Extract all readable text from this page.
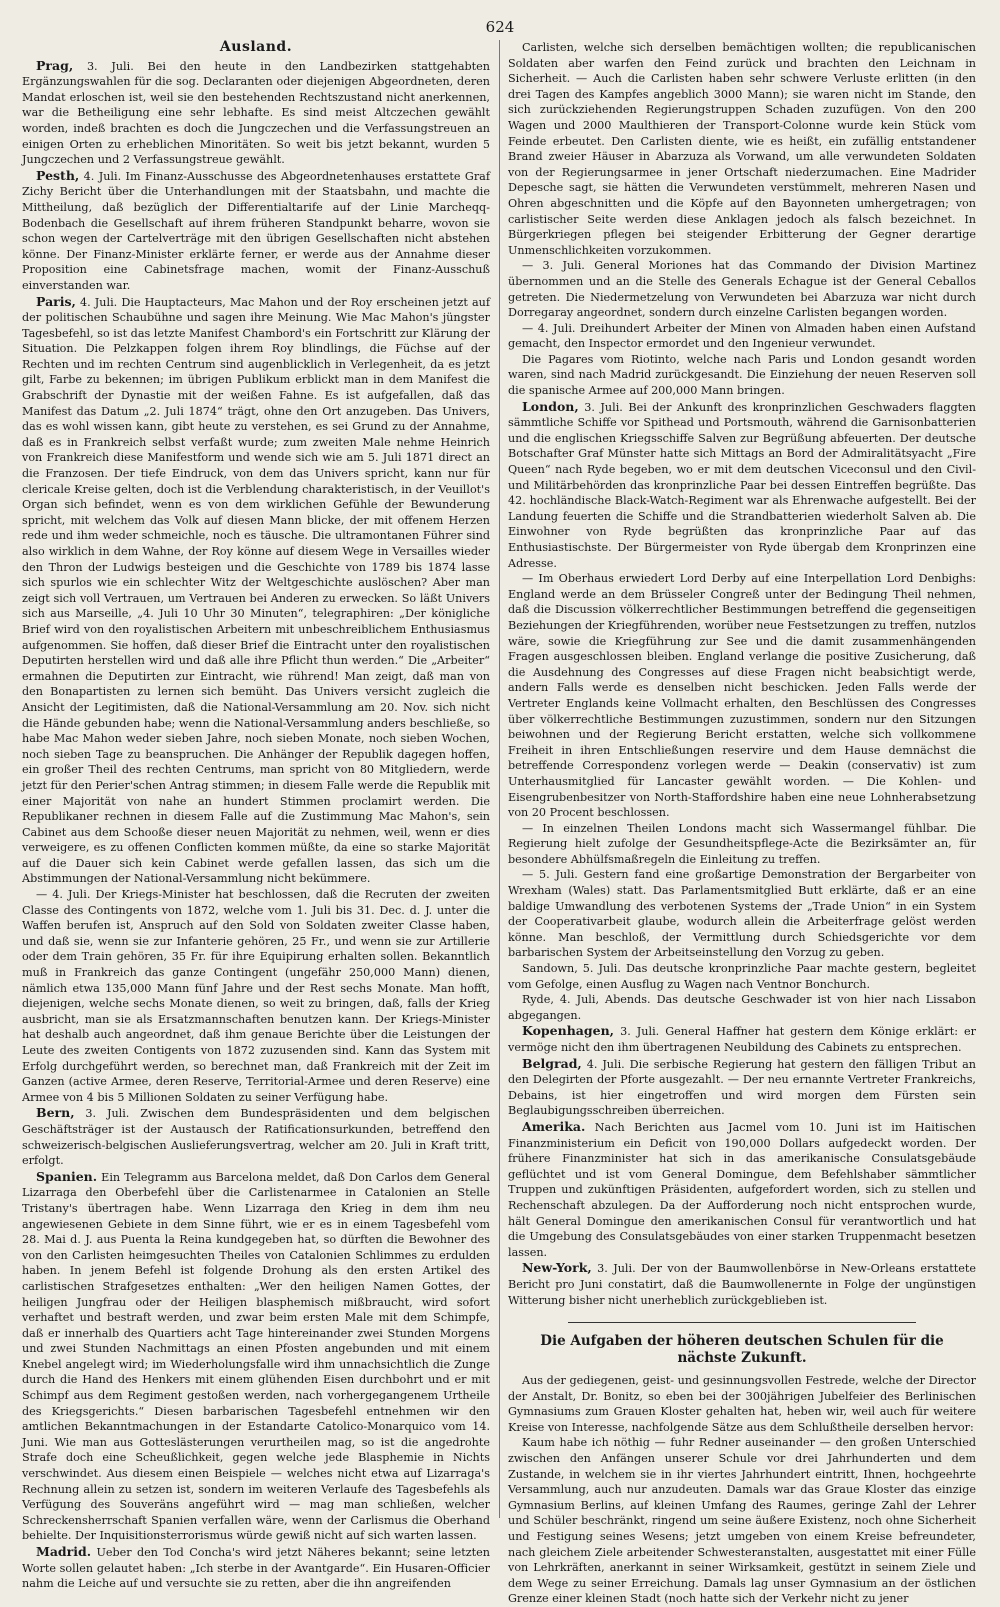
624
Ausland.

Prag, 3. Juli. Bei den heute in den Landbezirken stattgehabten Ergänzungswahlen für die sog. Declaranten oder diejenigen Abgeordneten, deren Mandat erloschen ist, weil sie den bestehenden Rechtszustand nicht anerkennen, war die Betheiligung eine sehr lebhafte. Es sind meist Altczechen gewählt worden, indeß brachten es doch die Jungczechen und die Verfassungstreuen an einigen Orten zu erheblichen Minoritäten. So weit bis jetzt bekannt, wurden 5 Jungczechen und 2 Verfassungstreue gewählt.

Pesth, 4. Juli. Im Finanz-Ausschusse des Abgeordnetenhauses erstattete Graf Zichy Bericht über die Unterhandlungen mit der Staatsbahn, und machte die Mittheilung, daß bezüglich der Differentialtarife auf der Linie Marcheqq-Bodenbach die Gesellschaft auf ihrem früheren Standpunkt beharre, wovon sie schon wegen der Cartelverträge mit den übrigen Gesellschaften nicht abstehen könne. Der Finanz-Minister erklärte ferner, er werde aus der Annahme dieser Proposition eine Cabinetsfrage machen, womit der Finanz-Ausschuß einverstanden war.

Paris, 4. Juli. Die Hauptacteurs, Mac Mahon und der Roy erscheinen jetzt auf der politischen Schaubühne und sagen ihre Meinung. Wie Mac Mahon's jüngster Tagesbefehl, so ist das letzte Manifest Chambord's ein Fortschritt zur Klärung der Situation. Die Pelzkappen folgen ihrem Roy blindlings, die Füchse auf der Rechten und im rechten Centrum sind augenblicklich in Verlegenheit, da es jetzt gilt, Farbe zu bekennen; im übrigen Publikum erblickt man in dem Manifest die Grabschrift der Dynastie mit der weißen Fahne. Es ist aufgefallen, daß das Manifest das Datum „2. Juli 1874“ trägt, ohne den Ort anzugeben. Das Univers, das es wohl wissen kann, gibt heute zu verstehen, es sei Grund zu der Annahme, daß es in Frankreich selbst verfaßt wurde; zum zweiten Male nehme Heinrich von Frankreich diese Manifestform und wende sich wie am 5. Juli 1871 direct an die Franzosen. Der tiefe Eindruck, von dem das Univers spricht, kann nur für clericale Kreise gelten, doch ist die Verblendung charakteristisch, in der Veuillot's Organ sich befindet, wenn es von dem wirklichen Gefühle der Bewunderung spricht, mit welchem das Volk auf diesen Mann blicke, der mit offenem Herzen rede und ihm weder schmeichle, noch es täusche. Die ultramontanen Führer sind also wirklich in dem Wahne, der Roy könne auf diesem Wege in Versailles wieder den Thron der Ludwigs besteigen und die Geschichte von 1789 bis 1874 lasse sich spurlos wie ein schlechter Witz der Weltgeschichte auslöschen? Aber man zeigt sich voll Vertrauen, um Vertrauen bei Anderen zu erwecken. So läßt Univers sich aus Marseille, „4. Juli 10 Uhr 30 Minuten“, telegraphiren: „Der königliche Brief wird von den royalistischen Arbeitern mit unbeschreiblichem Enthusiasmus aufgenommen. Sie hoffen, daß dieser Brief die Eintracht unter den royalistischen Deputirten herstellen wird und daß alle ihre Pflicht thun werden.“ Die „Arbeiter“ ermahnen die Deputirten zur Eintracht, wie rührend! Man zeigt, daß man von den Bonapartisten zu lernen sich bemüht. Das Univers versicht zugleich die Ansicht der Legitimisten, daß die National-Versammlung am 20. Nov. sich nicht die Hände gebunden habe; wenn die National-Versammlung anders beschließe, so habe Mac Mahon weder sieben Jahre, noch sieben Monate, noch sieben Wochen, noch sieben Tage zu beanspruchen. Die Anhänger der Republik dagegen hoffen, ein großer Theil des rechten Centrums, man spricht von 80 Mitgliedern, werde jetzt für den Perier'schen Antrag stimmen; in diesem Falle werde die Republik mit einer Majorität von nahe an hundert Stimmen proclamirt werden. Die Republikaner rechnen in diesem Falle auf die Zustimmung Mac Mahon's, sein Cabinet aus dem Schooße dieser neuen Majorität zu nehmen, weil, wenn er dies verweigere, es zu offenen Conflicten kommen müßte, da eine so starke Majorität auf die Dauer sich kein Cabinet werde gefallen lassen, das sich um die Abstimmungen der National-Versammlung nicht bekümmere.

— 4. Juli. Der Kriegs-Minister hat beschlossen, daß die Recruten der zweiten Classe des Contingents von 1872, welche vom 1. Juli bis 31. Dec. d. J. unter die Waffen berufen ist, Anspruch auf den Sold von Soldaten zweiter Classe haben, und daß sie, wenn sie zur Infanterie gehören, 25 Fr., und wenn sie zur Artillerie oder dem Train gehören, 35 Fr. für ihre Equipirung erhalten sollen. Bekanntlich muß in Frankreich das ganze Contingent (ungefähr 250,000 Mann) dienen, nämlich etwa 135,000 Mann fünf Jahre und der Rest sechs Monate. Man hofft, diejenigen, welche sechs Monate dienen, so weit zu bringen, daß, falls der Krieg ausbricht, man sie als Ersatzmannschaften benutzen kann. Der Kriegs-Minister hat deshalb auch angeordnet, daß ihm genaue Berichte über die Leistungen der Leute des zweiten Contigents von 1872 zuzusenden sind. Kann das System mit Erfolg durchgeführt werden, so berechnet man, daß Frankreich mit der Zeit im Ganzen (active Armee, deren Reserve, Territorial-Armee und deren Reserve) eine Armee von 4 bis 5 Millionen Soldaten zu seiner Verfügung habe.

Bern, 3. Juli. Zwischen dem Bundespräsidenten und dem belgischen Geschäftsträger ist der Austausch der Ratificationsurkunden, betreffend den schweizerisch-belgischen Auslieferungsvertrag, welcher am 20. Juli in Kraft tritt, erfolgt.

Spanien. Ein Telegramm aus Barcelona meldet, daß Don Carlos dem General Lizarraga den Oberbefehl über die Carlistenarmee in Catalonien an Stelle Tristany's übertragen habe. Wenn Lizarraga den Krieg in dem ihm neu angewiesenen Gebiete in dem Sinne führt, wie er es in einem Tagesbefehl vom 28. Mai d. J. aus Puenta la Reina kundgegeben hat, so dürften die Bewohner des von den Carlisten heimgesuchten Theiles von Catalonien Schlimmes zu erdulden haben. In jenem Befehl ist folgende Drohung als den ersten Artikel des carlistischen Strafgesetzes enthalten: „Wer den heiligen Namen Gottes, der heiligen Jungfrau oder der Heiligen blasphemisch mißbraucht, wird sofort verhaftet und bestraft werden, und zwar beim ersten Male mit dem Schimpfe, daß er innerhalb des Quartiers acht Tage hintereinander zwei Stunden Morgens und zwei Stunden Nachmittags an einen Pfosten angebunden und mit einem Knebel angelegt wird; im Wiederholungsfalle wird ihm unnachsichtlich die Zunge durch die Hand des Henkers mit einem glühenden Eisen durchbohrt und er mit Schimpf aus dem Regiment gestoßen werden, nach vorhergegangenem Urtheile des Kriegsgerichts.“ Diesen barbarischen Tagesbefehl entnehmen wir den amtlichen Bekanntmachungen in der Estandarte Catolico-Monarquico vom 14. Juni. Wie man aus Gotteslästerungen verurtheilen mag, so ist die angedrohte Strafe doch eine Scheußlichkeit, gegen welche jede Blasphemie in Nichts verschwindet. Aus diesem einen Beispiele — welches nicht etwa auf Lizarraga's Rechnung allein zu setzen ist, sondern im weiteren Verlaufe des Tagesbefehls als Verfügung des Souveräns angeführt wird — mag man schließen, welcher Schreckensherrschaft Spanien verfallen wäre, wenn der Carlismus die Oberhand behielte. Der Inquisitionsterrorismus würde gewiß nicht auf sich warten lassen.

Madrid. Ueber den Tod Concha's wird jetzt Näheres bekannt; seine letzten Worte sollen gelautet haben: „Ich sterbe in der Avantgarde“. Ein Husaren-Officier nahm die Leiche auf und versuchte sie zu retten, aber die ihn angreifenden

Carlisten, welche sich derselben bemächtigen wollten; die republicanischen Soldaten aber warfen den Feind zurück und brachten den Leichnam in Sicherheit. — Auch die Carlisten haben sehr schwere Verluste erlitten (in den drei Tagen des Kampfes angeblich 3000 Mann); sie waren nicht im Stande, den sich zurückziehenden Regierungstruppen Schaden zuzufügen. Von den 200 Wagen und 2000 Maulthieren der Transport-Colonne wurde kein Stück vom Feinde erbeutet. Den Carlisten diente, wie es heißt, ein zufällig entstandener Brand zweier Häuser in Abarzuza als Vorwand, um alle verwundeten Soldaten von der Regierungsarmee in jener Ortschaft niederzumachen. Eine Madrider Depesche sagt, sie hätten die Verwundeten verstümmelt, mehreren Nasen und Ohren abgeschnitten und die Köpfe auf den Bayonneten umhergetragen; von carlistischer Seite werden diese Anklagen jedoch als falsch bezeichnet. In Bürgerkriegen pflegen bei steigender Erbitterung der Gegner derartige Unmenschlichkeiten vorzukommen.

— 3. Juli. General Moriones hat das Commando der Division Martinez übernommen und an die Stelle des Generals Echague ist der General Ceballos getreten. Die Niedermetzelung von Verwundeten bei Abarzuza war nicht durch Dorregaray angeordnet, sondern durch einzelne Carlisten begangen worden.

— 4. Juli. Dreihundert Arbeiter der Minen von Almaden haben einen Aufstand gemacht, den Inspector ermordet und den Ingenieur verwundet.

Die Pagares vom Riotinto, welche nach Paris und London gesandt worden waren, sind nach Madrid zurückgesandt. Die Einziehung der neuen Reserven soll die spanische Armee auf 200,000 Mann bringen.

London, 3. Juli. Bei der Ankunft des kronprinzlichen Geschwaders flaggten sämmtliche Schiffe vor Spithead und Portsmouth, während die Garnisonbatterien und die englischen Kriegsschiffe Salven zur Begrüßung abfeuerten. Der deutsche Botschafter Graf Münster hatte sich Mittags an Bord der Admiralitätsyacht „Fire Queen“ nach Ryde begeben, wo er mit dem deutschen Viceconsul und den Civil- und Militärbehörden das kronprinzliche Paar bei dessen Eintreffen begrüßte. Das 42. hochländische Black-Watch-Regiment war als Ehrenwache aufgestellt. Bei der Landung feuerten die Schiffe und die Strandbatterien wiederholt Salven ab. Die Einwohner von Ryde begrüßten das kronprinzliche Paar auf das Enthusiastischste. Der Bürgermeister von Ryde übergab dem Kronprinzen eine Adresse.

— Im Oberhaus erwiedert Lord Derby auf eine Interpellation Lord Denbighs: England werde an dem Brüsseler Congreß unter der Bedingung Theil nehmen, daß die Discussion völkerrechtlicher Bestimmungen betreffend die gegenseitigen Beziehungen der Kriegführenden, worüber neue Festsetzungen zu treffen, nutzlos wäre, sowie die Kriegführung zur See und die damit zusammenhängenden Fragen ausgeschlossen bleiben. England verlange die positive Zusicherung, daß die Ausdehnung des Congresses auf diese Fragen nicht beabsichtigt werde, andern Falls werde es denselben nicht beschicken. Jeden Falls werde der Vertreter Englands keine Vollmacht erhalten, den Beschlüssen des Congresses über völkerrechtliche Bestimmungen zuzustimmen, sondern nur den Sitzungen beiwohnen und der Regierung Bericht erstatten, welche sich vollkommene Freiheit in ihren Entschließungen reservire und dem Hause demnächst die betreffende Correspondenz vorlegen werde — Deakin (conservativ) ist zum Unterhausmitglied für Lancaster gewählt worden. — Die Kohlen- und Eisengrubenbesitzer von North-Staffordshire haben eine neue Lohnherabsetzung von 20 Procent beschlossen.

— In einzelnen Theilen Londons macht sich Wassermangel fühlbar. Die Regierung hielt zufolge der Gesundheitspflege-Acte die Bezirksämter an, für besondere Abhülfsmaßregeln die Einleitung zu treffen.

— 5. Juli. Gestern fand eine großartige Demonstration der Bergarbeiter von Wrexham (Wales) statt. Das Parlamentsmitglied Butt erklärte, daß er an eine baldige Umwandlung des verbotenen Systems der „Trade Union“ in ein System der Cooperativarbeit glaube, wodurch allein die Arbeiterfrage gelöst werden könne. Man beschloß, der Vermittlung durch Schiedsgerichte vor dem barbarischen System der Arbeitseinstellung den Vorzug zu geben.

Sandown, 5. Juli. Das deutsche kronprinzliche Paar machte gestern, begleitet vom Gefolge, einen Ausflug zu Wagen nach Ventnor Bonchurch.

Ryde, 4. Juli, Abends. Das deutsche Geschwader ist von hier nach Lissabon abgegangen.

Kopenhagen, 3. Juli. General Haffner hat gestern dem Könige erklärt: er vermöge nicht den ihm übertragenen Neubildung des Cabinets zu entsprechen.

Belgrad, 4. Juli. Die serbische Regierung hat gestern den fälligen Tribut an den Delegirten der Pforte ausgezahlt. — Der neu ernannte Vertreter Frankreichs, Debains, ist hier eingetroffen und wird morgen dem Fürsten sein Beglaubigungsschreiben überreichen.

Amerika. Nach Berichten aus Jacmel vom 10. Juni ist im Haitischen Finanzministerium ein Deficit von 190,000 Dollars aufgedeckt worden. Der frühere Finanzminister hat sich in das amerikanische Consulatsgebäude geflüchtet und ist vom General Domingue, dem Befehlshaber sämmtlicher Truppen und zukünftigen Präsidenten, aufgefordert worden, sich zu stellen und Rechenschaft abzulegen. Da der Aufforderung noch nicht entsprochen wurde, hält General Domingue den amerikanischen Consul für verantwortlich und hat die Umgebung des Consulatsgebäudes von einer starken Truppenmacht besetzen lassen.

New-York, 3. Juli. Der von der Baumwollenbörse in New-Orleans erstattete Bericht pro Juni constatirt, daß die Baumwollenernte in Folge der ungünstigen Witterung bisher nicht unerheblich zurückgeblieben ist.

Die Aufgaben der höheren deutschen Schulen für die nächste Zukunft.

Aus der gediegenen, geist- und gesinnungsvollen Festrede, welche der Director der Anstalt, Dr. Bonitz, so eben bei der 300jährigen Jubelfeier des Berlinischen Gymnasiums zum Grauen Kloster gehalten hat, heben wir, weil auch für weitere Kreise von Interesse, nachfolgende Sätze aus dem Schlußtheile derselben hervor:

Kaum habe ich nöthig — fuhr Redner auseinander — den großen Unterschied zwischen den Anfängen unserer Schule vor drei Jahrhunderten und dem Zustande, in welchem sie in ihr viertes Jahrhundert eintritt, Ihnen, hochgeehrte Versammlung, auch nur anzudeuten. Damals war das Graue Kloster das einzige Gymnasium Berlins, auf kleinen Umfang des Raumes, geringe Zahl der Lehrer und Schüler beschränkt, ringend um seine äußere Existenz, noch ohne Sicherheit und Festigung seines Wesens; jetzt umgeben von einem Kreise befreundeter, nach gleichem Ziele arbeitender Schwesteranstalten, ausgestattet mit einer Fülle von Lehrkräften, anerkannt in seiner Wirksamkeit, gestützt in seinem Ziele und dem Wege zu seiner Erreichung. Damals lag unser Gymnasium an der östlichen Grenze einer kleinen Stadt (noch hatte sich der Verkehr nicht zu jener
